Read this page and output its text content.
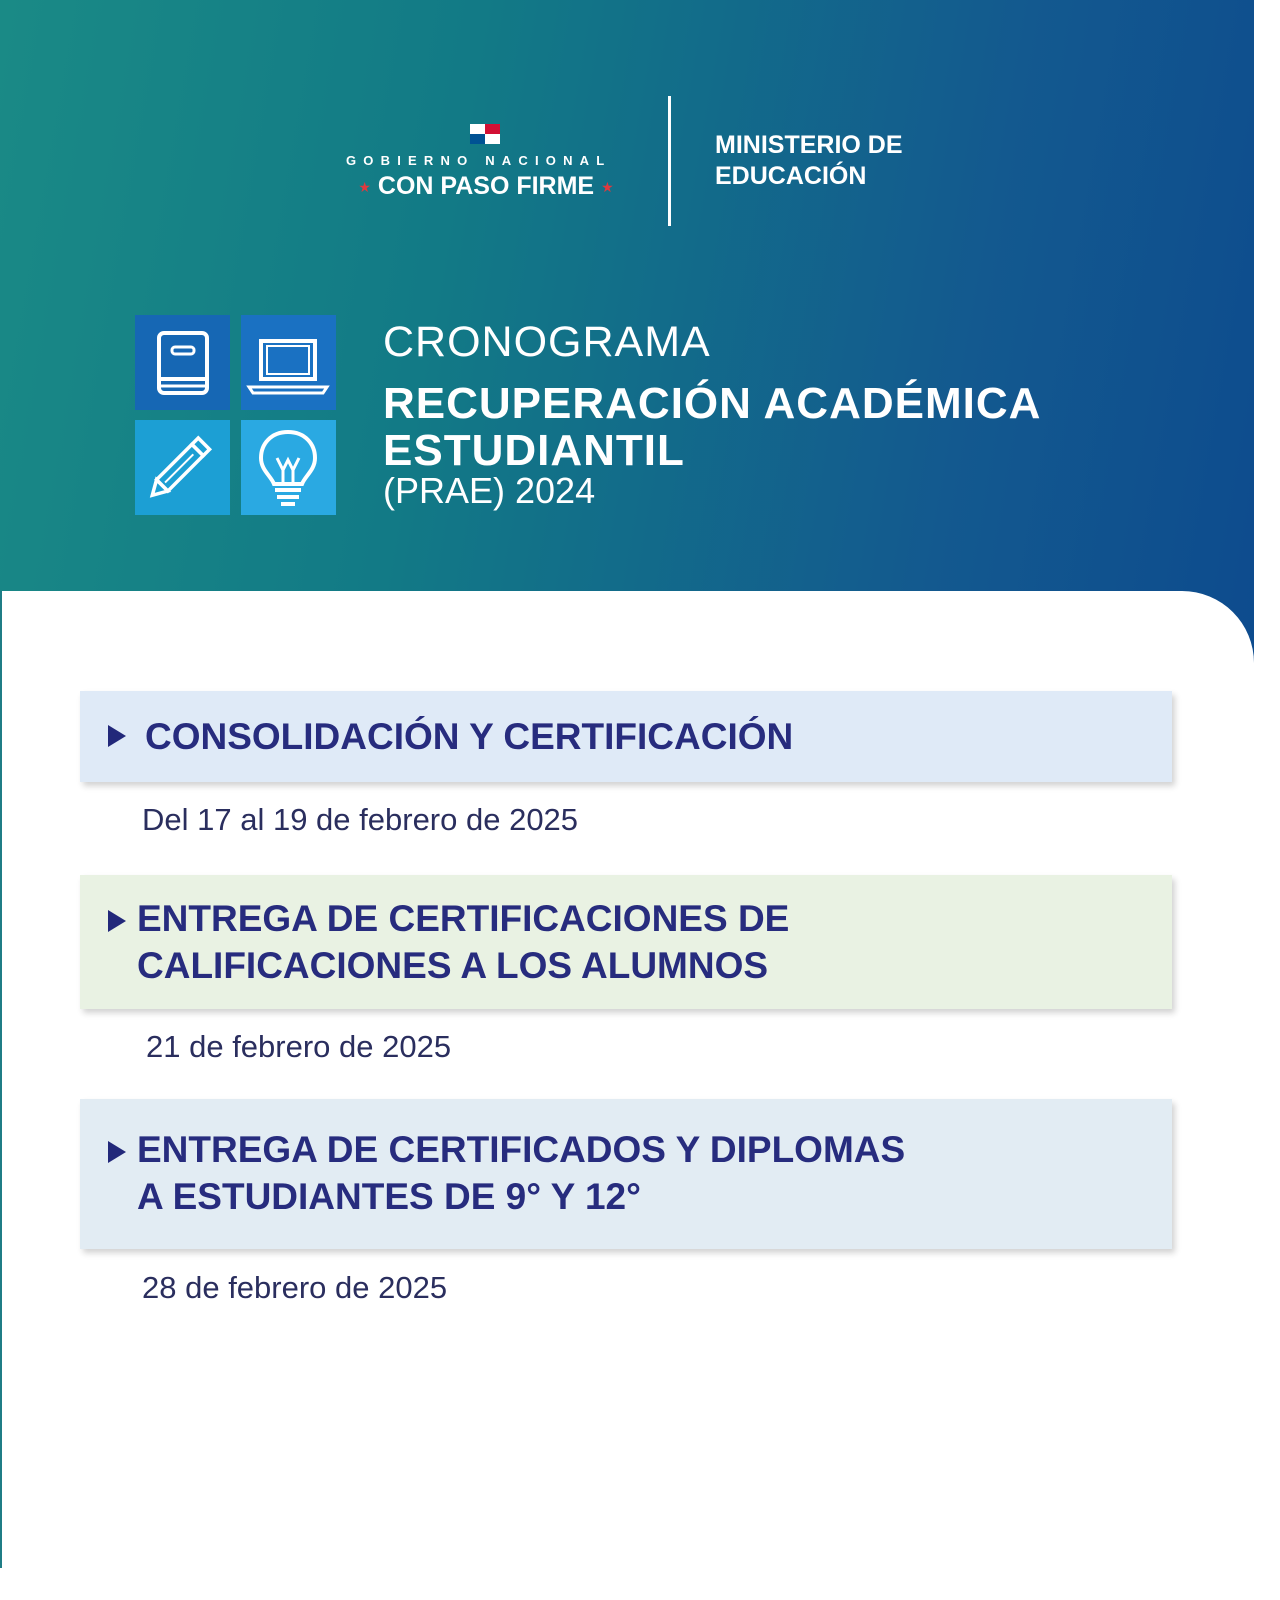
GOBIERNO NACIONAL
★ CON PASO FIRME ★
MINISTERIO DE
EDUCACIÓN
CRONOGRAMA
RECUPERACIÓN ACADÉMICA
ESTUDIANTIL
(PRAE) 2024
CONSOLIDACIÓN Y CERTIFICACIÓN
Del 17 al 19 de febrero de 2025
ENTREGA DE CERTIFICACIONES DE
CALIFICACIONES A LOS ALUMNOS
21 de febrero de 2025
ENTREGA DE CERTIFICADOS Y DIPLOMAS
A ESTUDIANTES DE 9° Y 12°
28 de febrero de 2025
